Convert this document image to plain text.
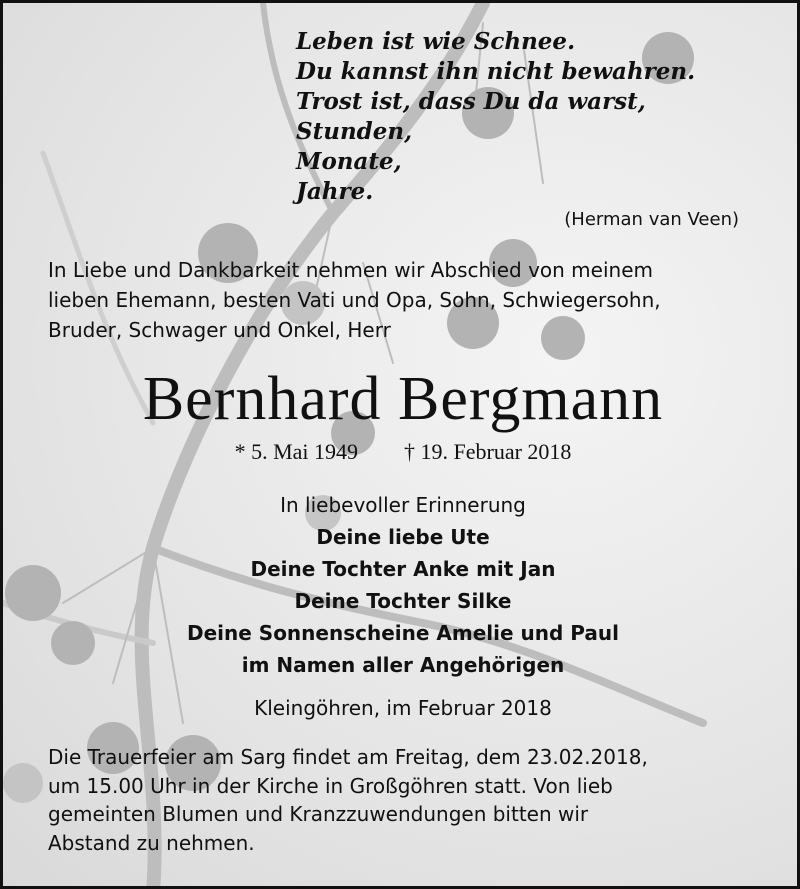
Leben ist wie Schnee.
Du kannst ihn nicht bewahren.
Trost ist, dass Du da warst,
Stunden,
Monate,
Jahre.
(Herman van Veen)
In Liebe und Dankbarkeit nehmen wir Abschied von meinem
lieben Ehemann, besten Vati und Opa, Sohn, Schwiegersohn,
Bruder, Schwager und Onkel, Herr
Bernhard Bergmann
* 5. Mai 1949 † 19. Februar 2018
In liebevoller Erinnerung
Deine liebe Ute
Deine Tochter Anke mit Jan
Deine Tochter Silke
Deine Sonnenscheine Amelie und Paul
im Namen aller Angehörigen
Kleingöhren, im Februar 2018
Die Trauerfeier am Sarg findet am Freitag, dem 23.02.2018,
um 15.00 Uhr in der Kirche in Großgöhren statt. Von lieb
gemeinten Blumen und Kranzzuwendungen bitten wir
Abstand zu nehmen.
